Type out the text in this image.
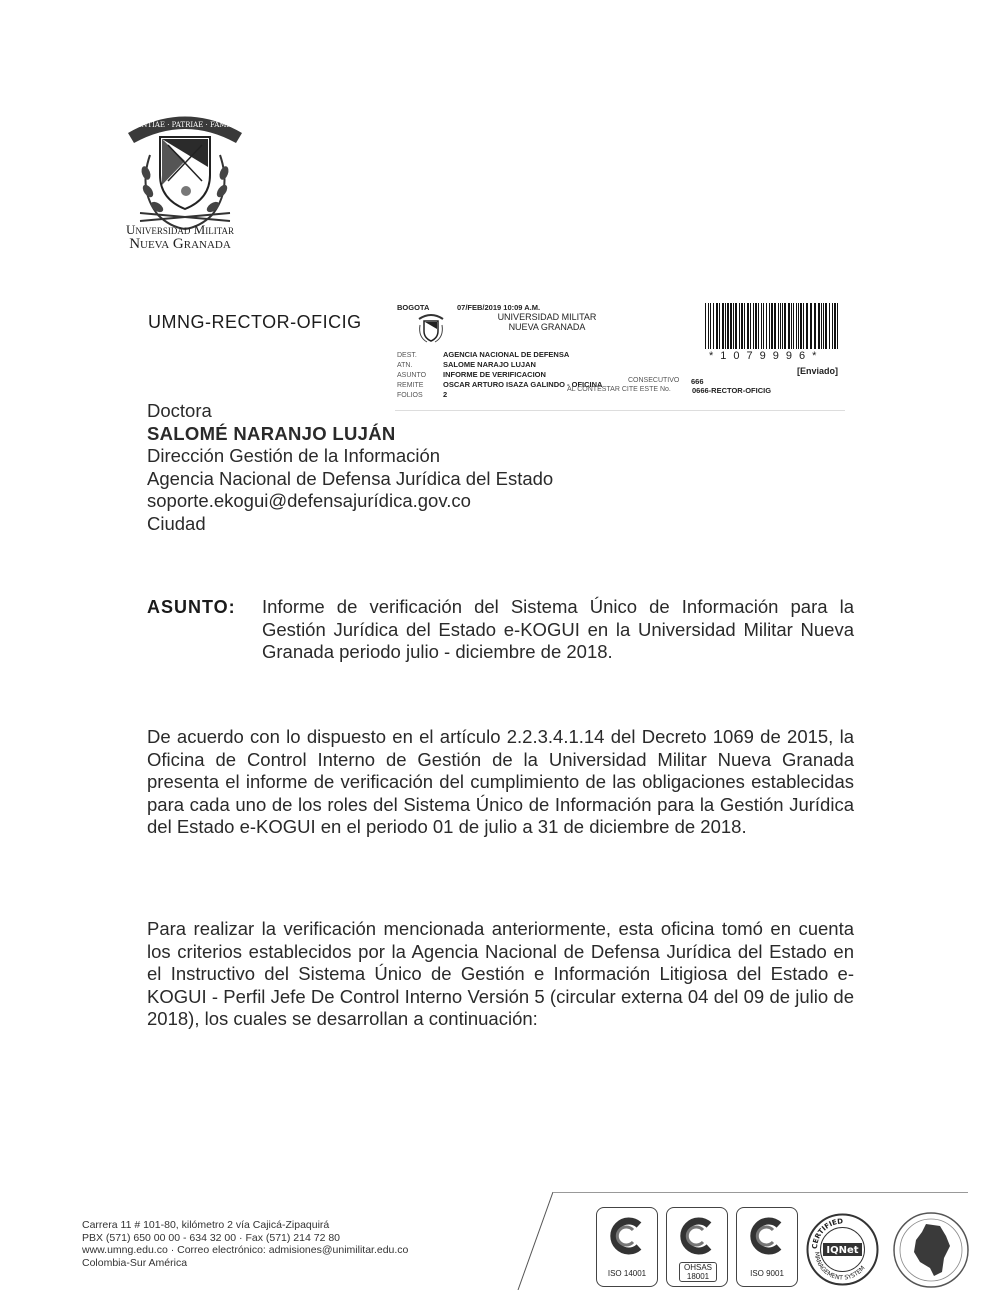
SCIENTIAE · PATRIAE · FAMILIAE
Universidad Militar
Nueva Granada
UMNG-RECTOR-OFICIG
BOGOTA	07/FEB/2019 10:09 A.M.
UNIVERSIDAD MILITAR
NUEVA GRANADA
DEST.	AGENCIA NACIONAL DE DEFENSA
ATN.	SALOME NARAJO LUJAN
ASUNTO INFORME DE VERIFICACION
REMITE	OSCAR ARTURO ISAZA GALINDO - OFICINA
FOLIOS	2
CONSECUTIVO 666
AL CONTESTAR CITE ESTE No.	0666-RECTOR-OFICIG
*1079996*
[Enviado]
Doctora
SALOMÉ NARANJO LUJÁN
Dirección Gestión de la Información
Agencia Nacional de Defensa Jurídica del Estado
soporte.ekogui@defensajurídica.gov.co
Ciudad
ASUNTO: Informe de verificación del Sistema Único de Información para la Gestión Jurídica del Estado e-KOGUI en la Universidad Militar Nueva Granada periodo julio - diciembre de 2018.
De acuerdo con lo dispuesto en el artículo 2.2.3.4.1.14 del Decreto 1069 de 2015, la Oficina de Control Interno de Gestión de la Universidad Militar Nueva Granada presenta el informe de verificación del cumplimiento de las obligaciones establecidas para cada uno de los roles del Sistema Único de Información para la Gestión Jurídica del Estado e-KOGUI en el periodo 01 de julio a 31 de diciembre de 2018.
Para realizar la verificación mencionada anteriormente, esta oficina tomó en cuenta los criterios establecidos por la Agencia Nacional de Defensa Jurídica del Estado en el Instructivo del Sistema Único de Gestión e Información Litigiosa del Estado e-KOGUI - Perfil Jefe De Control Interno Versión 5 (circular externa 04 del 09 de julio de 2018), los cuales se desarrollan a continuación:
Carrera 11 # 101-80, kilómetro 2 vía Cajicá-Zipaquirá
PBX (571) 650 00 00 - 634 32 00 · Fax (571) 214 72 80
www.umng.edu.co · Correo electrónico: admisiones@unimilitar.edu.co
Colombia-Sur América
ISO 14001
OHSAS 18001	ISO 9001
CERTIFIED
MANAGEMENT SYSTEM
IQNet
